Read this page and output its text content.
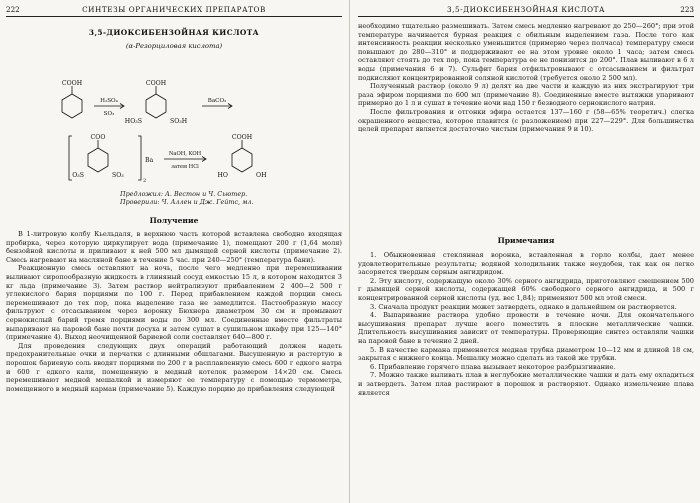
222	СИНТЕЗЫ ОРГАНИЧЕСКИХ ПРЕПАРАТОВ
3,5-ДИОКСИБЕНЗОЙНАЯ КИСЛОТА
(α-Резорциловая кислота)
COOH
H₂SO₄
SO₃
COOH
HO₃S	SO₃H
BaCO₃
COO
O₃S	SO₃
2
Ba
NaOH, KOH
затем HCl
COOH
HO	OH
Предложил: А. Вестон и Ч. Сьютер.
Проверили: Ч. Аллен и Дж. Гейтс, мл.
Получение

В 1-литровую колбу Кьельдаля, в верхнюю часть которой вставлена свободно входящая пробирка, через которую циркулирует вода (примечание 1), помещают 200 г (1,64 моля) бензойной кислоты и приливают к ней 500 мл дымящей серной кислоты (примечание 2). Смесь нагревают на масляной бане в течение 5 час. при 240—250° (температура бани).

Реакционную смесь оставляют на ночь, после чего медленно при перемешивании выливают сиропообразную жидкость в глиняный сосуд емкостью 15 л, в котором находится 3 кг льда (примечание 3). Затем раствор нейтрализуют прибавлением 2 400—2 500 г углекислого бария порциями по 100 г. Перед прибавлением каждой порции смесь перемешивают до тех пор, пока выделение газа не замедлится. Пастообразную массу фильтруют с отсасыванием через воронку Бюхнера диаметром 30 см и промывают сернокислый барий тремя порциями воды по 300 мл. Соединенные вместе фильтраты выпаривают на паровой бане почти досуха и затем сушат в сушильном шкафу при 125—140° (примечание 4). Выход неочищенной бариевой соли составляет 640—800 г.

Для проведения следующих двух операций работающий должен надеть предохранительные очки и перчатки с длинными обшлагами. Высушенную и растертую в порошок бариевую соль вводят порциями по 200 г в расплавленную смесь 600 г едкого натра и 600 г едкого кали, помещенную в медный котелок размером 14×20 см. Смесь перемешивают медной мешалкой и измеряют ее температуру с помощью термометра, помещенного в медный карман (примечание 5). Каждую порцию до прибавления следующей

3,5-ДИОКСИБЕНЗОЙНАЯ КИСЛОТА	223

необходимо тщательно размешивать. Затем смесь медленно нагревают до 250—260°; при этой температуре начинается бурная реакция с обильным выделением газа. После того как интенсивность реакции несколько уменьшится (примерно через полчаса) температуру смеси повышают до 280—310° и поддерживают ее на этом уровне около 1 часа; затем смесь оставляют стоять до тех пор, пока температура ее не понизится до 200°. Плав выливают в 6 л воды (примечания 6 и 7). Сульфит бария отфильтровывают с отсасыванием и фильтрат подкисляют концентрированной соляной кислотой (требуется около 2 500 мл).

Полученный раствор (около 9 л) делят на две части и каждую из них экстрагируют три раза эфиром порциями по 600 мл (примечание 8). Соединенные вместе вытяжки упаривают примерно до 1 л и сушат в течение ночи над 150 г безводного сернокислого натрия.

После фильтрования и отгонки эфира остается 137—160 г (58—65% теоретич.) слегка окрашенного вещества, которое плавится (с разложением) при 227—229°. Для большинства целей препарат является достаточно чистым (примечания 9 и 10).

Примечания

1. Обыкновенная стеклянная воронка, вставленная в горло колбы, дает менее удовлетворительные результаты; водяной холодильник также неудобен, так как он легко засоряется твердым серным ангидридом.

2. Эту кислоту, содержащую около 30% серного ангидрида, приготовляют смешением 500 г дымящей серной кислоты, содержащей 60% свободного серного ангидрида, и 500 г концентрированной серной кислоты (уд. вес 1,84); применяют 500 мл этой смеси.

3. Сначала продукт реакции может затвердеть, однако в дальнейшем он растворяется.

4. Выпаривание раствора удобно провести в течение ночи. Для окончательного высушивания препарат лучше всего поместить в плоские металлические чашки. Длительность высушивания зависит от температуры. Проверяющие синтез оставляли чашки на паровой бане в течение 2 дней.

5. В качестве кармана применяется медная трубка диаметром 10—12 мм и длиной 18 см, закрытая с нижнего конца. Мешалку можно сделать из такой же трубки.

6. Прибавление горячего плава вызывает некоторое разбрызгивание.

7. Можно также выливать плав в неглубокие металлические чашки и дать ему охладиться и затвердеть. Затем плав растирают в порошок и растворяют. Однако измельчение плава является
